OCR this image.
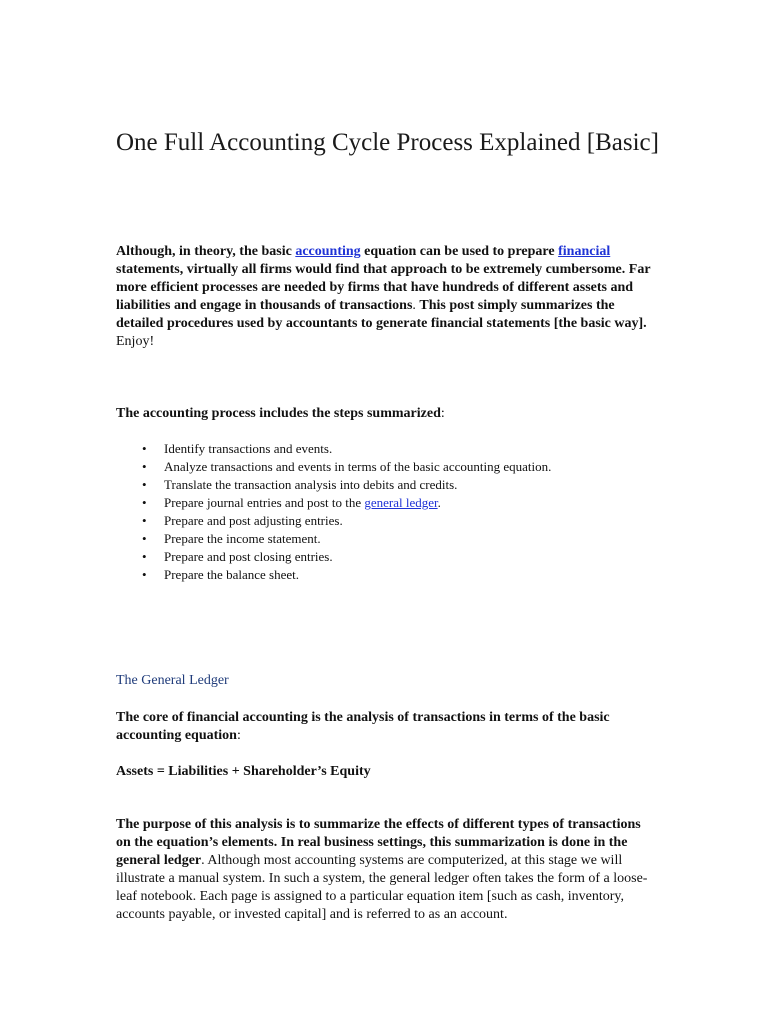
One Full Accounting Cycle Process Explained [Basic]

Although, in theory, the basic accounting equation can be used to prepare financial statements, virtually all firms would find that approach to be extremely cumbersome. Far more efficient processes are needed by firms that have hundreds of different assets and liabilities and engage in thousands of transactions. This post simply summarizes the detailed procedures used by accountants to generate financial statements [the basic way]. Enjoy!

The accounting process includes the steps summarized:

• Identify transactions and events.
• Analyze transactions and events in terms of the basic accounting equation.
• Translate the transaction analysis into debits and credits.
• Prepare journal entries and post to the general ledger.
• Prepare and post adjusting entries.
• Prepare the income statement.
• Prepare and post closing entries.
• Prepare the balance sheet.

The General Ledger

The core of financial accounting is the analysis of transactions in terms of the basic accounting equation:

Assets = Liabilities + Shareholder’s Equity

The purpose of this analysis is to summarize the effects of different types of transactions on the equation’s elements. In real business settings, this summarization is done in the general ledger. Although most accounting systems are computerized, at this stage we will illustrate a manual system. In such a system, the general ledger often takes the form of a loose-leaf notebook. Each page is assigned to a particular equation item [such as cash, inventory, accounts payable, or invested capital] and is referred to as an account.
